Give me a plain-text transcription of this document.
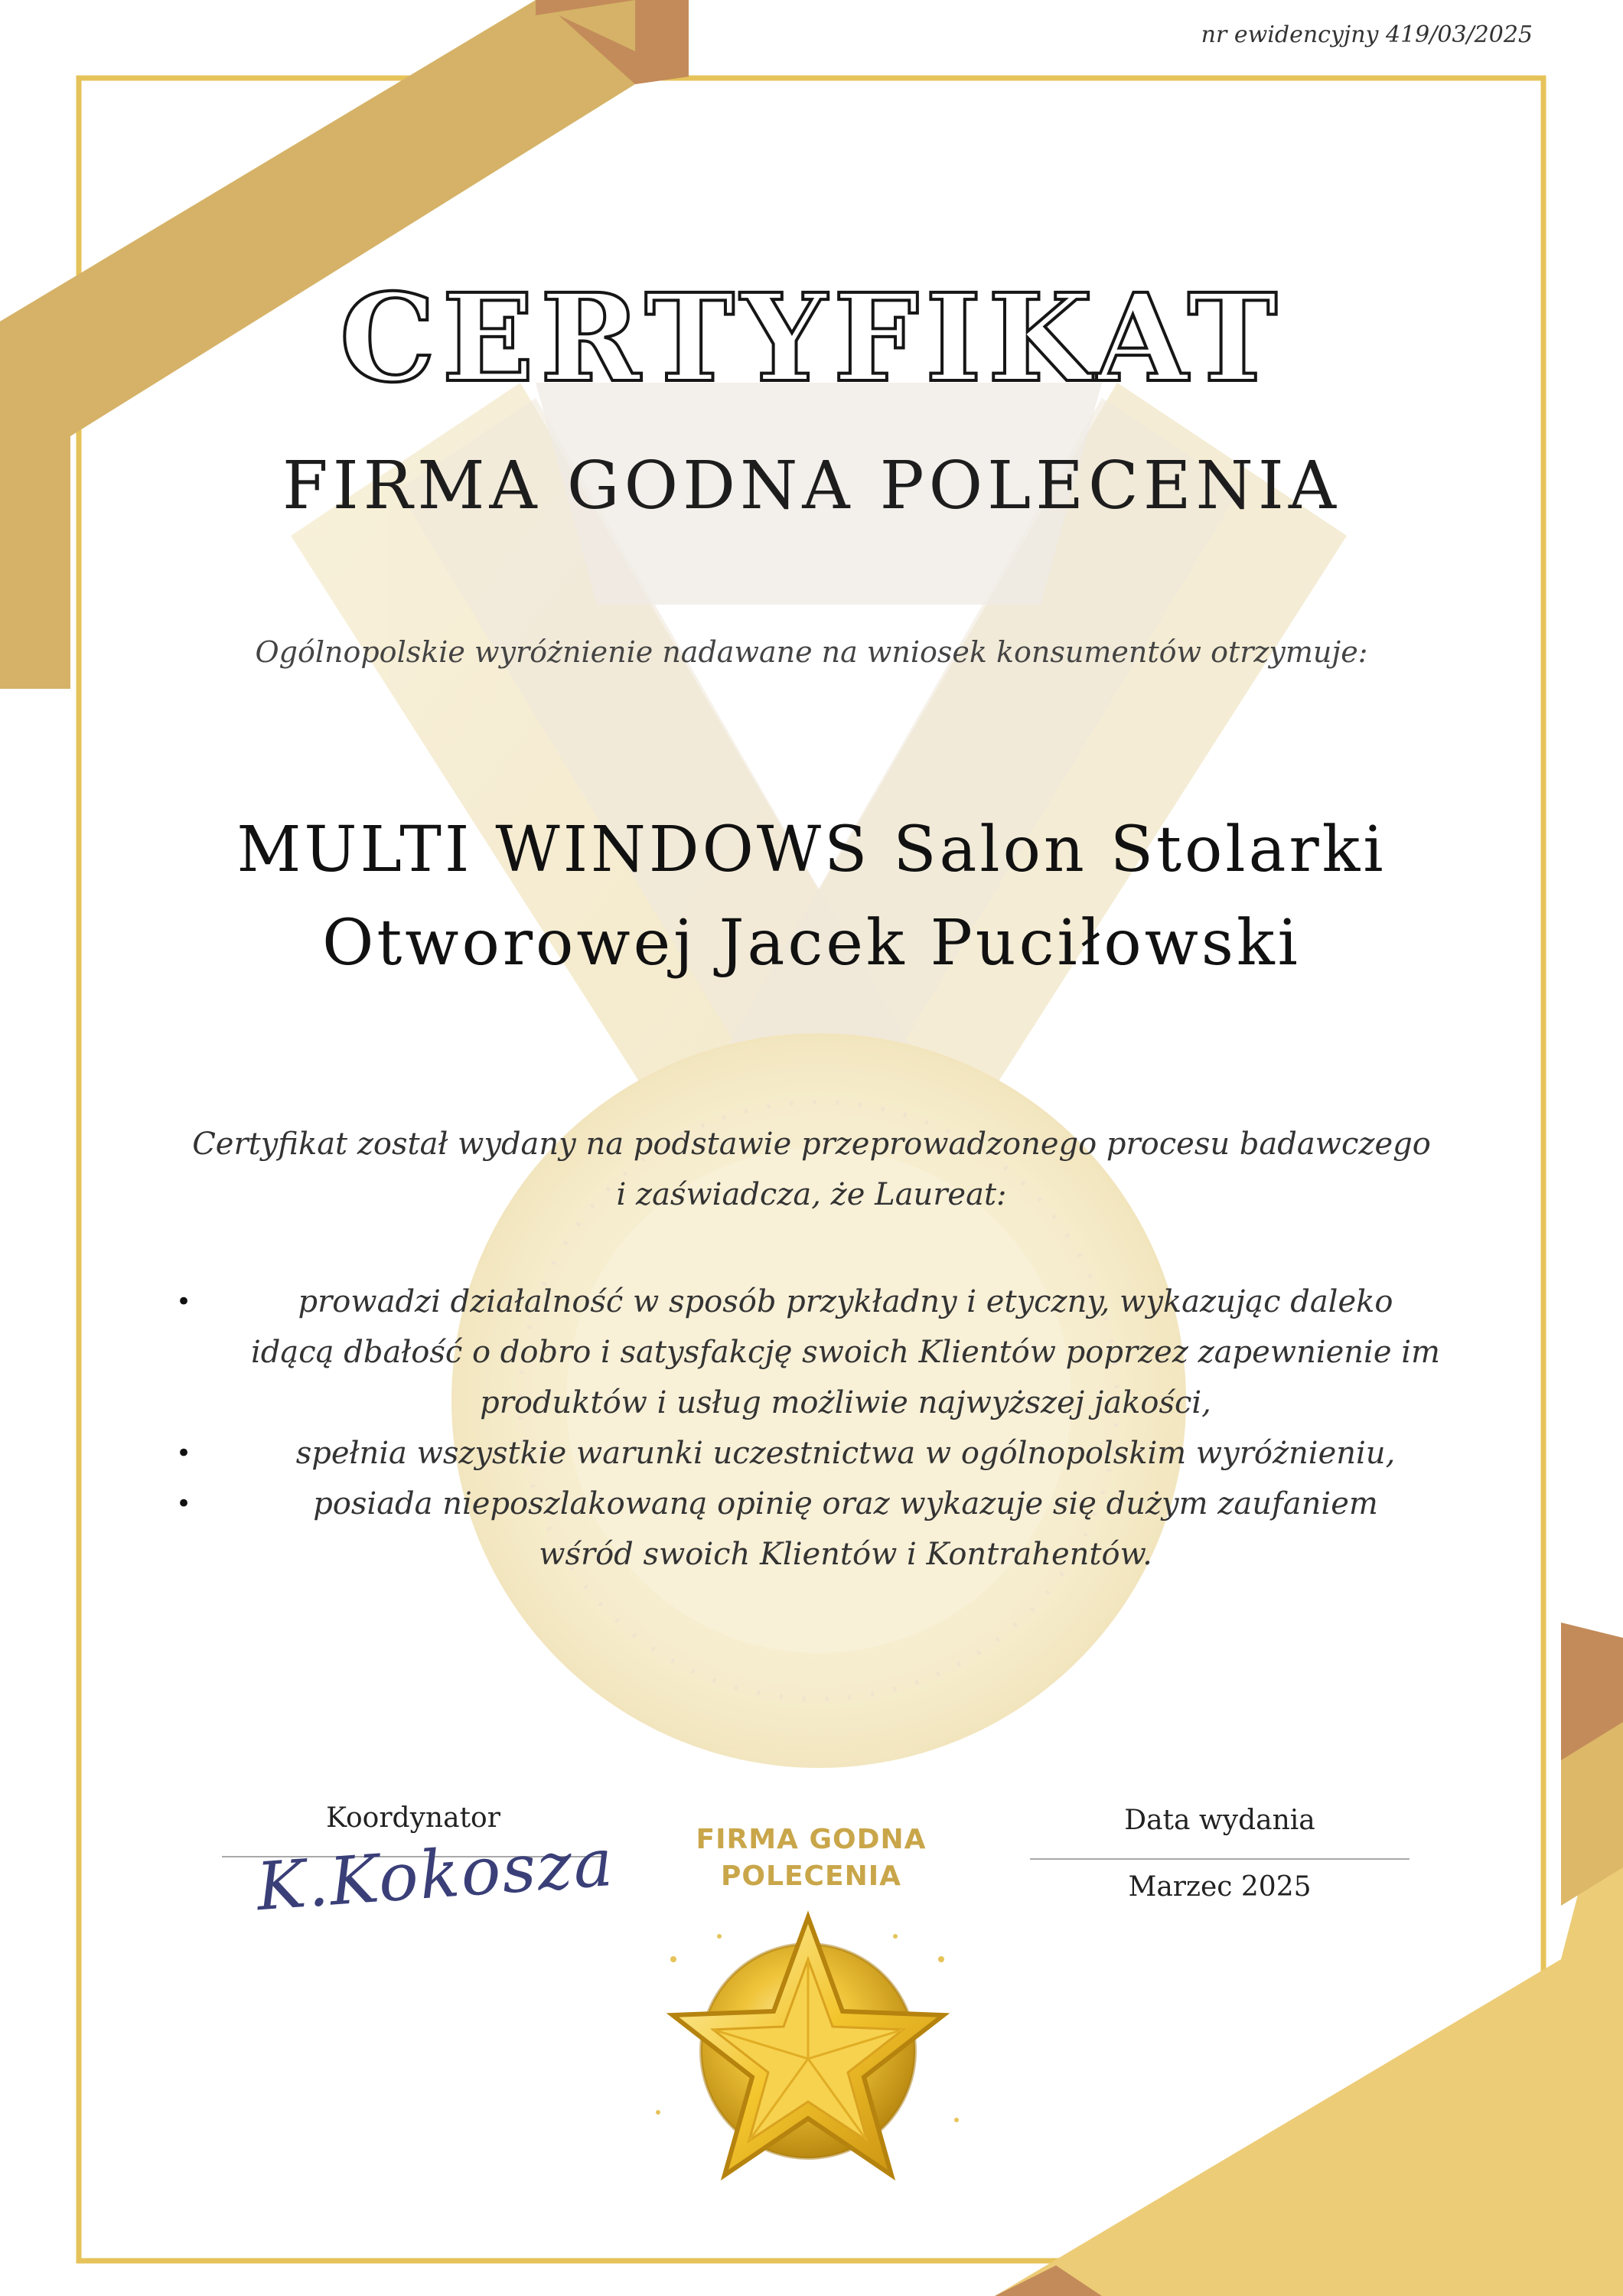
nr ewidencyjny 419/03/2025
CERTYFIKAT
FIRMA GODNA POLECENIA
Ogólnopolskie wyróżnienie nadawane na wniosek konsumentów otrzymuje:
MULTI WINDOWS Salon Stolarki
Otworowej Jacek Puciłowski
Certyfikat został wydany na podstawie przeprowadzonego procesu badawczego
i zaświadcza, że Laureat:
•	prowadzi działalność w sposób przykładny i etyczny, wykazując daleko
idącą dbałość o dobro i satysfakcję swoich Klientów poprzez zapewnienie im
produktów i usług możliwie najwyższej jakości,
•	spełnia wszystkie warunki uczestnictwa w ogólnopolskim wyróżnieniu,
•	posiada nieposzlakowaną opinię oraz wykazuje się dużym zaufaniem
wśród swoich Klientów i Kontrahentów.
Koordynator
K.Kokosza	FIRMA GODNA
POLECENIA
Data wydania
Marzec 2025
